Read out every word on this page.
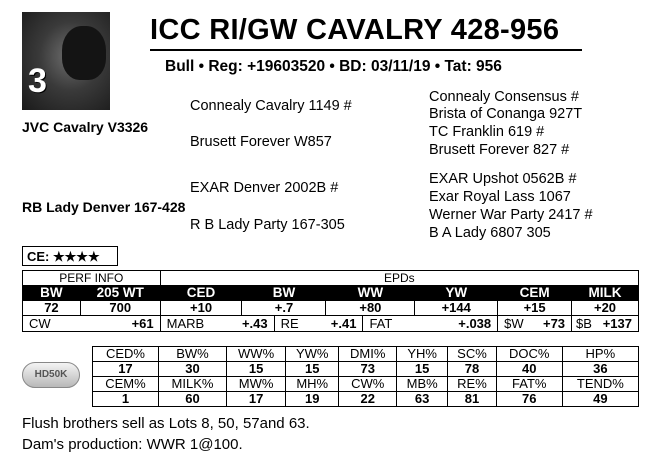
3
ICC RI/GW CAVALRY 428-956
Bull • Reg: +19603520 • BD: 03/11/19 • Tat: 956
JVC Cavalry V3326
RB Lady Denver 167-428
Connealy Cavalry 1149 #
Brusett Forever W857
EXAR Denver 2002B #
R B Lady Party 167-305
Connealy Consensus #
Brista of Conanga 927T
TC Franklin 619 #
Brusett Forever 827 #
EXAR Upshot 0562B #
Exar Royal Lass 1067
Werner War Party 2417 #
B A Lady 6807 305
CE: ★★★★
PERF INFO		EPDs									
BW	205 WT	CED	BW		WW		YW		CEM		MILK
72	700	+10	+.7		+80		+144		+15		+20
CW	+61	MARB	+.43	RE	+.41	FAT		+.038	$W	+73	$B +137
HD50K
CED%	BW%	WW%	YW%	DMI%	YH%	SC%	DOC%	HP%
17	30	15	15	73	15	78	40	36
CEM%	MILK%	MW%	MH%	CW%	MB%	RE%	FAT%	TEND%
1	60	17	19	22	63	81	76	49
Flush brothers sell as Lots 8, 50, 57and 63.
Dam's production: WWR 1@100.
